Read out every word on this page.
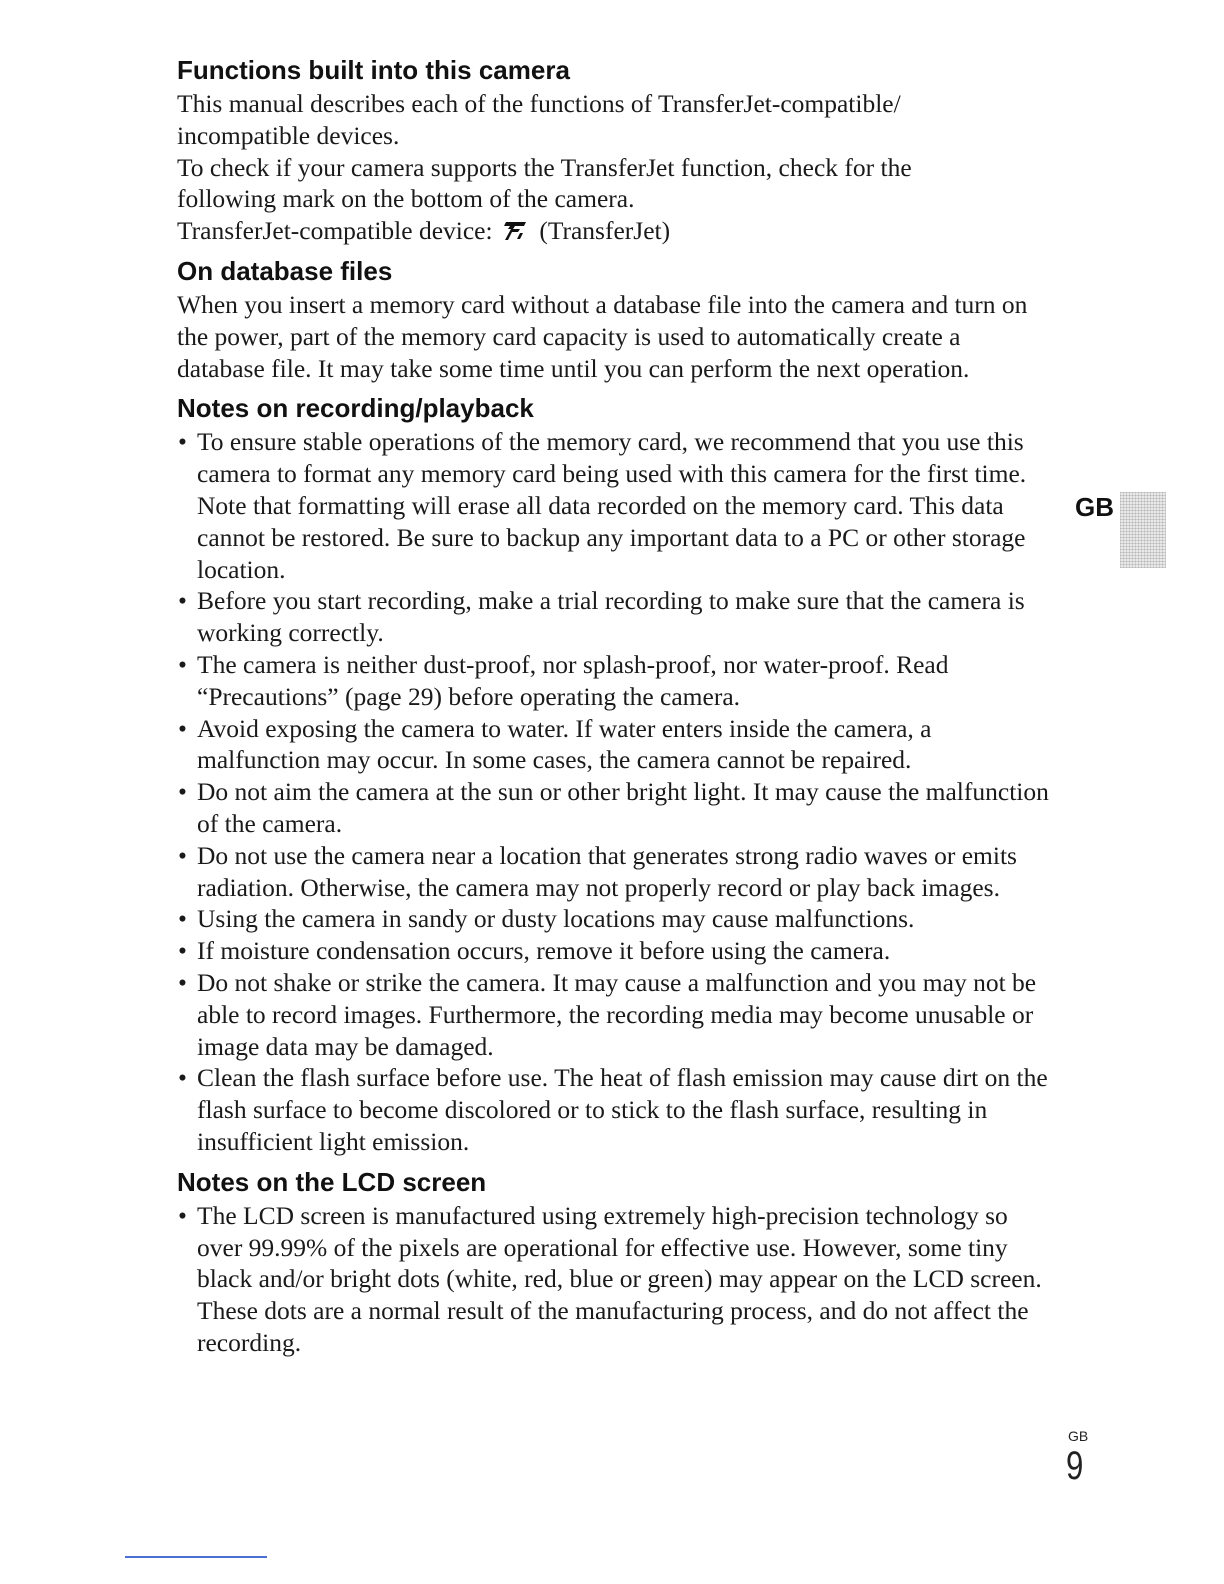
Functions built into this camera

This manual describes each of the functions of TransferJet-compatible/ incompatible devices.

To check if your camera supports the TransferJet function, check for the following mark on the bottom of the camera.

TransferJet-compatible device: (TransferJet)

On database files

When you insert a memory card without a database file into the camera and turn on the power, part of the memory card capacity is used to automatically create a database file. It may take some time until you can perform the next operation.

Notes on recording/playback
• To ensure stable operations of the memory card, we recommend that you use this camera to format any memory card being used with this camera for the first time. Note that formatting will erase all data recorded on the memory card. This data cannot be restored. Be sure to backup any important data to a PC or other storage location.
• Before you start recording, make a trial recording to make sure that the camera is working correctly.
• The camera is neither dust-proof, nor splash-proof, nor water-proof. Read “Precautions” (page 29) before operating the camera.
• Avoid exposing the camera to water. If water enters inside the camera, a malfunction may occur. In some cases, the camera cannot be repaired.
• Do not aim the camera at the sun or other bright light. It may cause the malfunction of the camera.
• Do not use the camera near a location that generates strong radio waves or emits radiation. Otherwise, the camera may not properly record or play back images.
• Using the camera in sandy or dusty locations may cause malfunctions.
• If moisture condensation occurs, remove it before using the camera.
• Do not shake or strike the camera. It may cause a malfunction and you may not be able to record images. Furthermore, the recording media may become unusable or image data may be damaged.
• Clean the flash surface before use. The heat of flash emission may cause dirt on the flash surface to become discolored or to stick to the flash surface, resulting in insufficient light emission.
Notes on the LCD screen
• The LCD screen is manufactured using extremely high-precision technology so over 99.99% of the pixels are operational for effective use. However, some tiny black and/or bright dots (white, red, blue or green) may appear on the LCD screen. These dots are a normal result of the manufacturing process, and do not affect the recording.
GB
GB
9
